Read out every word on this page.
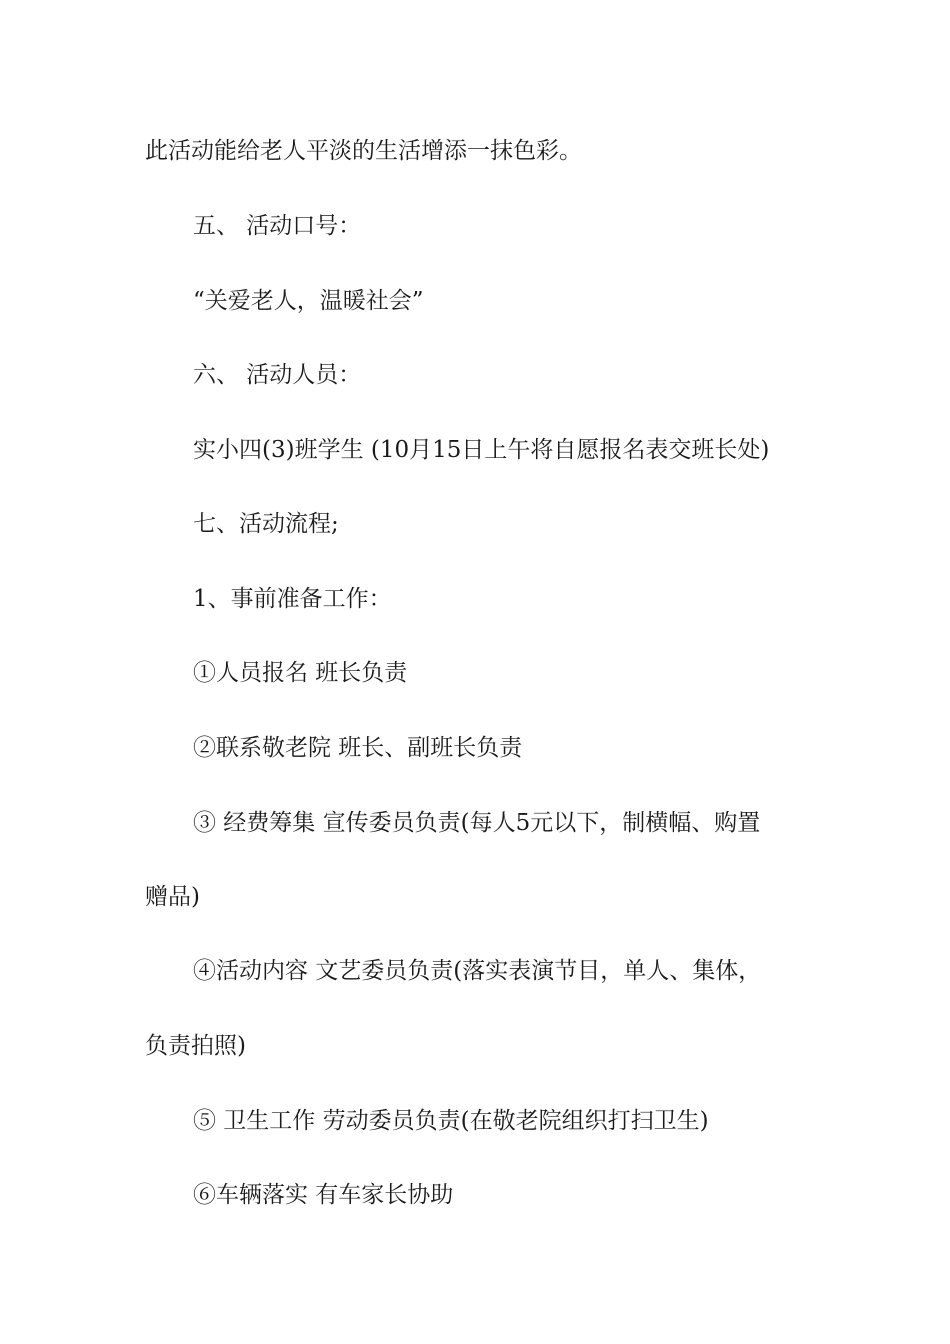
此活动能给老人平淡的生活增添一抹色彩。
五、 活动口号：
“关爱老人，温暖社会”
六、 活动人员：
实小四(3)班学生 (10月15日上午将自愿报名表交班长处)
七、活动流程;
1、事前准备工作：
①人员报名 班长负责
②联系敬老院 班长、副班长负责
③ 经费筹集 宣传委员负责(每人5元以下，制横幅、购置
赠品)
④活动内容 文艺委员负责(落实表演节目，单人、集体，
负责拍照)
⑤ 卫生工作 劳动委员负责(在敬老院组织打扫卫生)
⑥车辆落实 有车家长协助
